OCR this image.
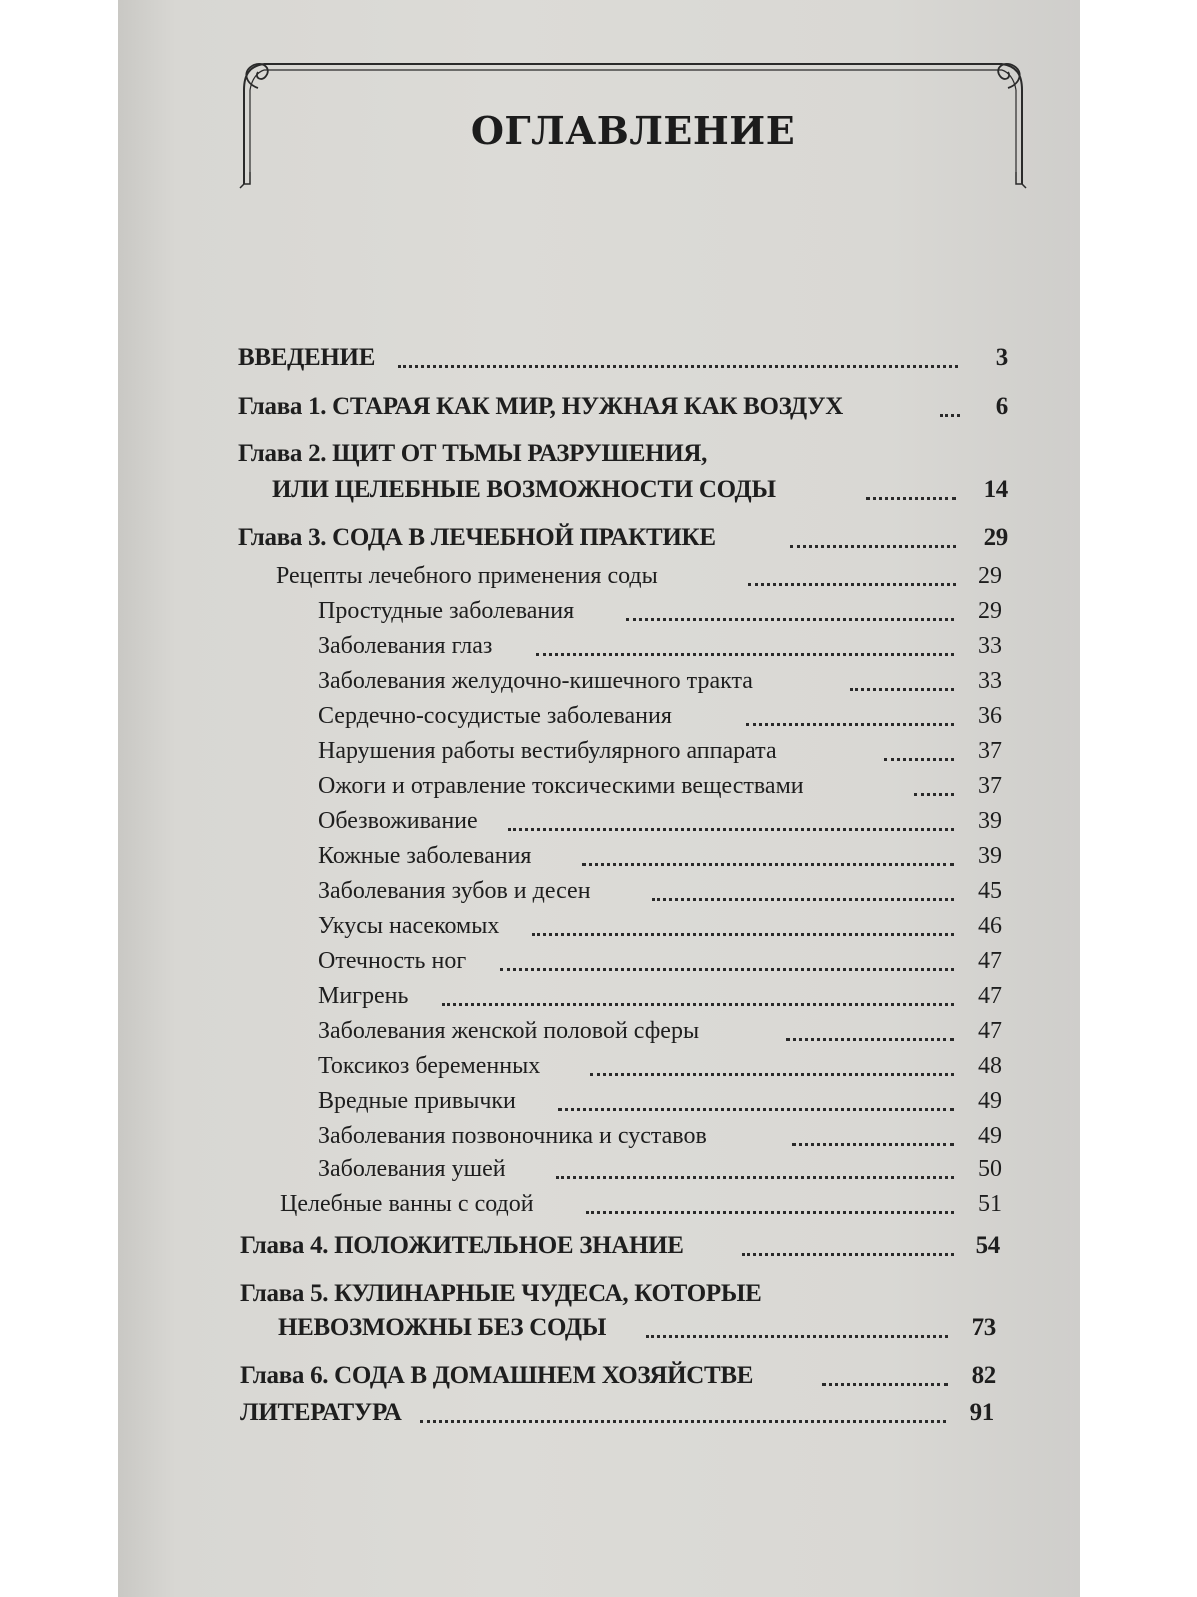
ОГЛАВЛЕНИЕ
ВВЕДЕНИЕ	3
Глава 1. СТАРАЯ КАК МИР, НУЖНАЯ КАК ВОЗДУХ	6
Глава 2. ЩИТ ОТ ТЬМЫ РАЗРУШЕНИЯ,
ИЛИ ЦЕЛЕБНЫЕ ВОЗМОЖНОСТИ СОДЫ	14
Глава 3. СОДА В ЛЕЧЕБНОЙ ПРАКТИКЕ	29
Рецепты лечебного применения соды	29
Простудные заболевания	29
Заболевания глаз	33
Заболевания желудочно-кишечного тракта	33
Сердечно-сосудистые заболевания	36
Нарушения работы вестибулярного аппарата	37
Ожоги и отравление токсическими веществами	37
Обезвоживание	39
Кожные заболевания	39
Заболевания зубов и десен	45
Укусы насекомых	46
Отечность ног	47
Мигрень	47
Заболевания женской половой сферы	47
Токсикоз беременных	48
Вредные привычки	49
Заболевания позвоночника и суставов	49
Заболевания ушей	50
Целебные ванны с содой	51
Глава 4. ПОЛОЖИТЕЛЬНОЕ ЗНАНИЕ	54
Глава 5. КУЛИНАРНЫЕ ЧУДЕСА, КОТОРЫЕ
НЕВОЗМОЖНЫ БЕЗ СОДЫ	73
Глава 6. СОДА В ДОМАШНЕМ ХОЗЯЙСТВЕ	82
ЛИТЕРАТУРА	91
